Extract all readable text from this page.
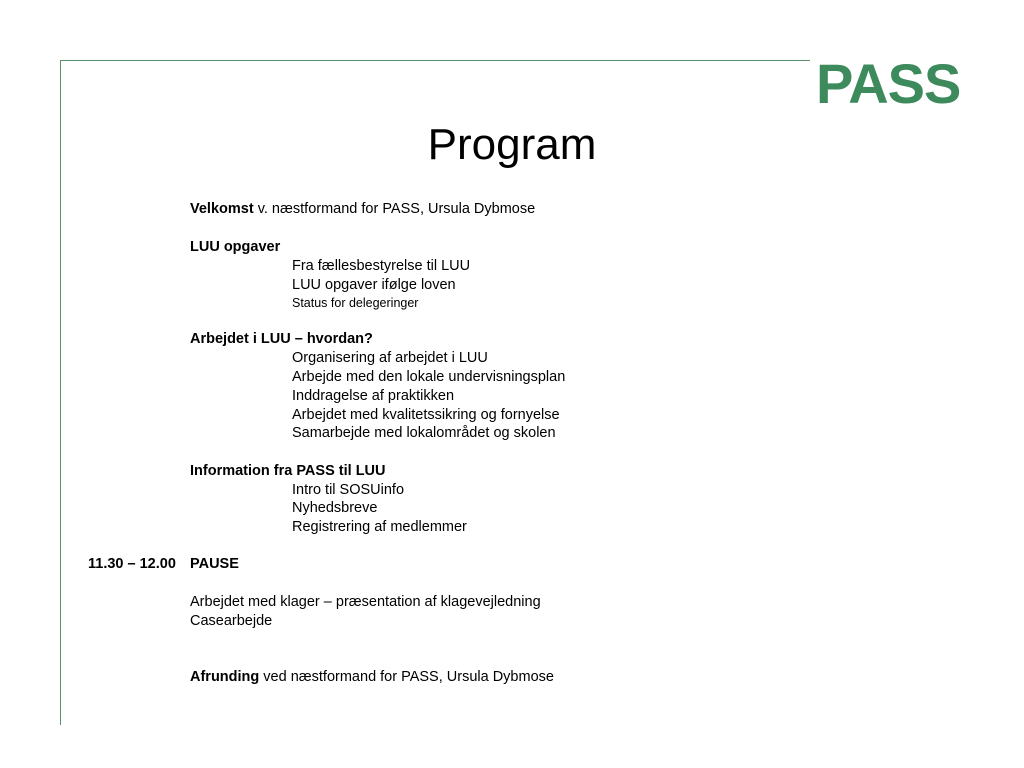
PASS
Program
Velkomst v. næstformand for PASS, Ursula Dybmose
LUU opgaver
Fra fællesbestyrelse til LUU
LUU opgaver ifølge loven
Status for delegeringer
Arbejdet i LUU – hvordan?
Organisering af arbejdet i LUU
Arbejde med den lokale undervisningsplan
Inddragelse af praktikken
Arbejdet med kvalitetssikring og fornyelse
Samarbejde med lokalområdet og skolen
Information fra PASS til LUU
Intro til SOSUinfo
Nyhedsbreve
Registrering af medlemmer
11.30 – 12.00 PAUSE
Arbejdet med klager – præsentation af klagevejledning
Casearbejde
Afrunding ved næstformand for PASS, Ursula Dybmose
